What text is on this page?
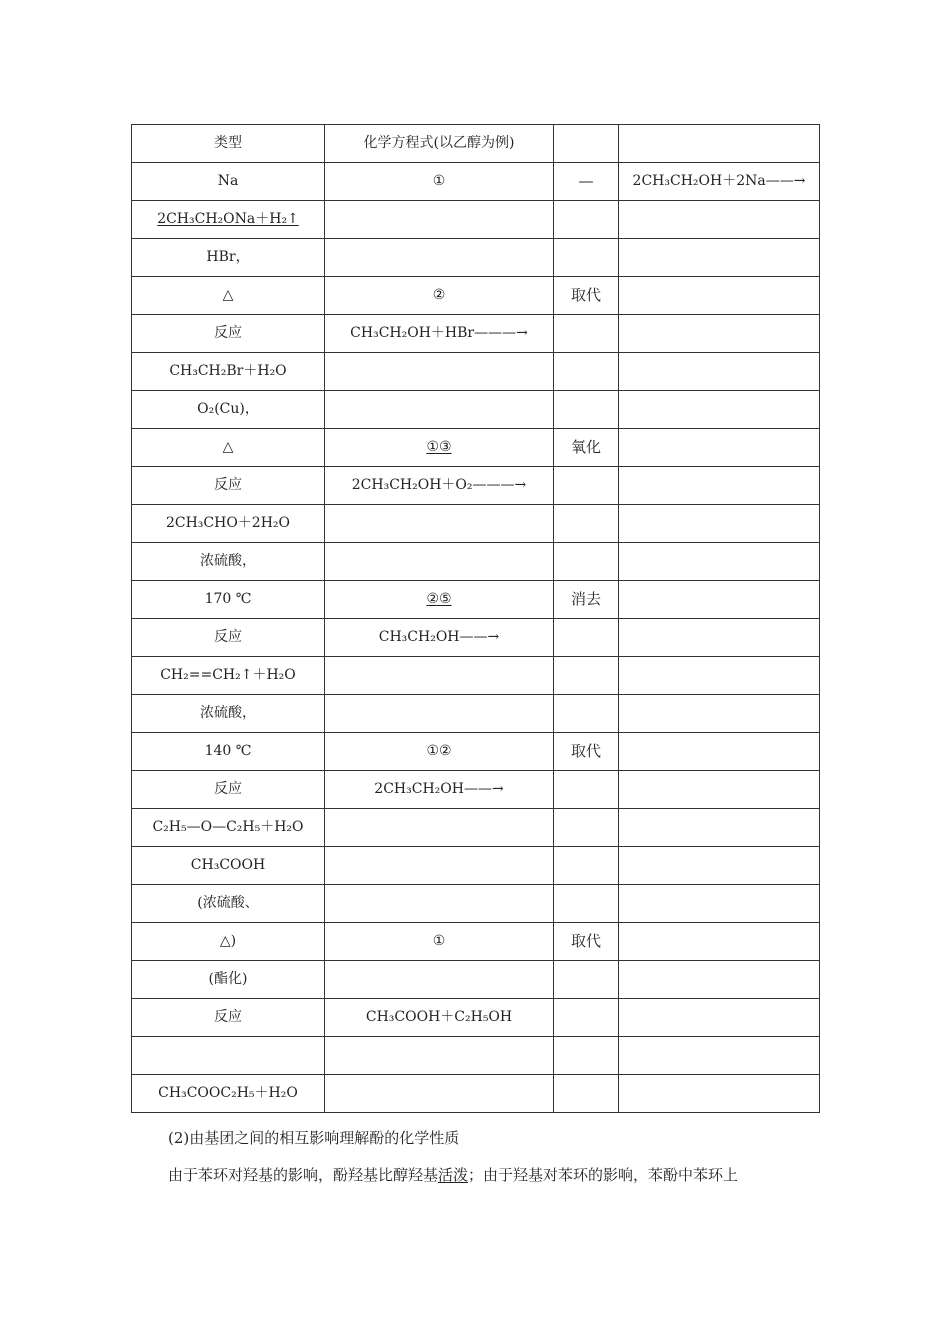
类型	化学方程式(以乙醇为例)		
Na	①	—	2CH₃CH₂OH＋2Na——→
2CH₃CH₂ONa＋H₂↑			
HBr，			
△	②	取代	
反应	CH₃CH₂OH＋HBr———→		
CH₃CH₂Br＋H₂O			
O₂(Cu)，			
△	①③	氧化	
反应	2CH₃CH₂OH＋O₂———→		
2CH₃CHO＋2H₂O			
浓硫酸，			
170 ℃	②⑤	消去	
反应	CH₃CH₂OH——→		
CH₂==CH₂↑＋H₂O			
浓硫酸，			
140 ℃	①②	取代	
反应	2CH₃CH₂OH——→		
C₂H₅—O—C₂H₅＋H₂O			
CH₃COOH			
(浓硫酸、			
△)	①	取代	
(酯化)			
反应	CH₃COOH＋C₂H₅OH		

CH₃COOC₂H₅＋H₂O			
(2)由基团之间的相互影响理解酚的化学性质
由于苯环对羟基的影响，酚羟基比醇羟基活泼；由于羟基对苯环的影响，苯酚中苯环上
